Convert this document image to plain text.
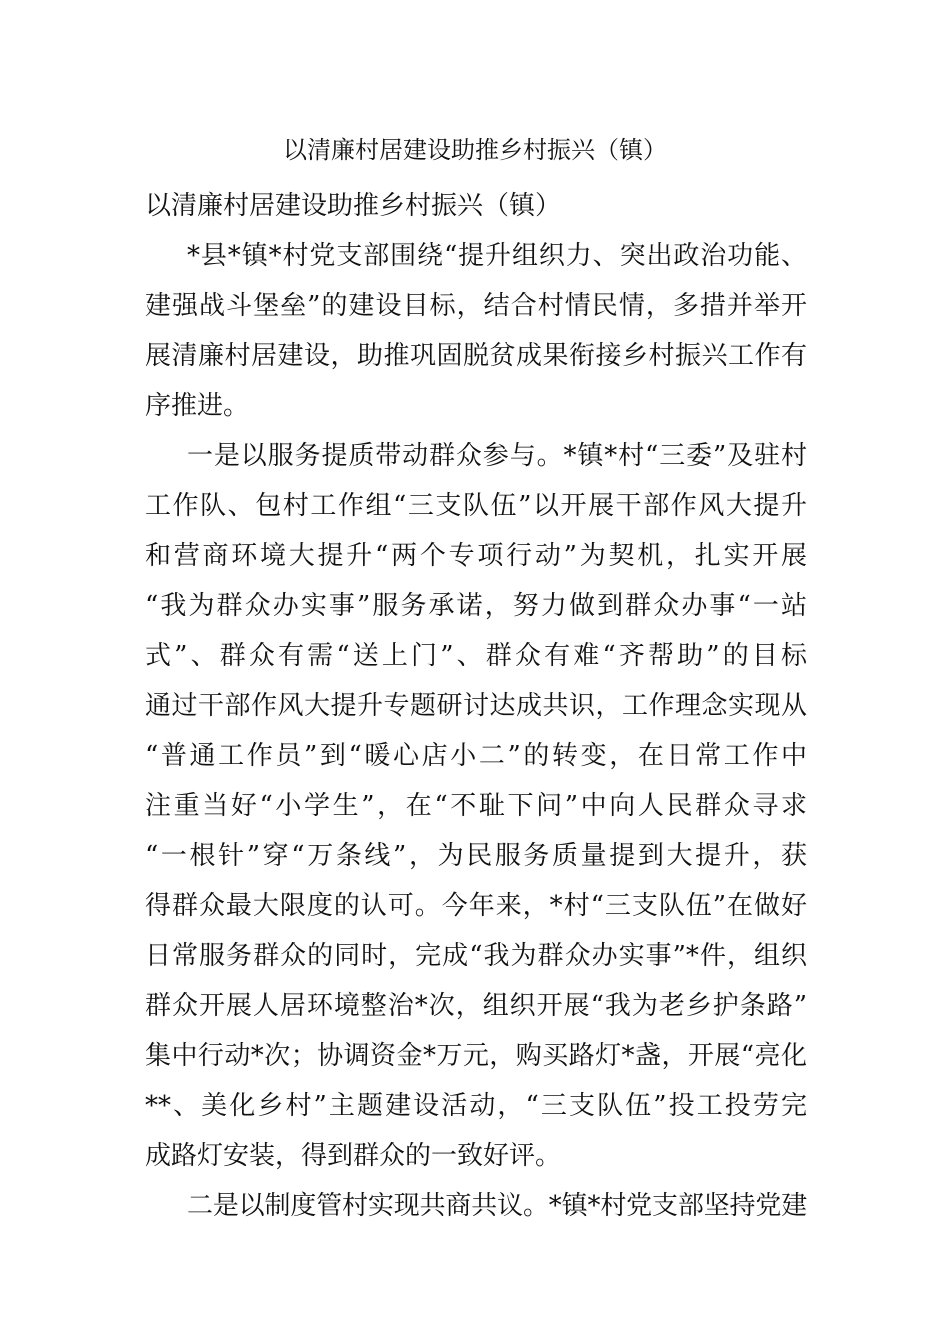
以清廉村居建设助推乡村振兴（镇）

以清廉村居建设助推乡村振兴（镇）

*县*镇*村党支部围绕“提升组织力、突出政治功能、

建强战斗堡垒”的建设目标，结合村情民情，多措并举开

展清廉村居建设，助推巩固脱贫成果衔接乡村振兴工作有

序推进。

一是以服务提质带动群众参与。*镇*村“三委”及驻村

工作队、包村工作组“三支队伍”以开展干部作风大提升

和营商环境大提升“两个专项行动”为契机，扎实开展

“我为群众办实事”服务承诺，努力做到群众办事“一站

式”、群众有需“送上门”、群众有难“齐帮助”的目标

通过干部作风大提升专题研讨达成共识，工作理念实现从

“普通工作员”到“暖心店小二”的转变，在日常工作中

注重当好“小学生”，在“不耻下问”中向人民群众寻求

“一根针”穿“万条线”，为民服务质量提到大提升，获

得群众最大限度的认可。今年来，*村“三支队伍”在做好

日常服务群众的同时，完成“我为群众办实事”*件，组织

群众开展人居环境整治*次，组织开展“我为老乡护条路”

集中行动*次；协调资金*万元，购买路灯*盏，开展“亮化

**、美化乡村”主题建设活动，“三支队伍”投工投劳完

成路灯安装，得到群众的一致好评。

二是以制度管村实现共商共议。*镇*村党支部坚持党建
